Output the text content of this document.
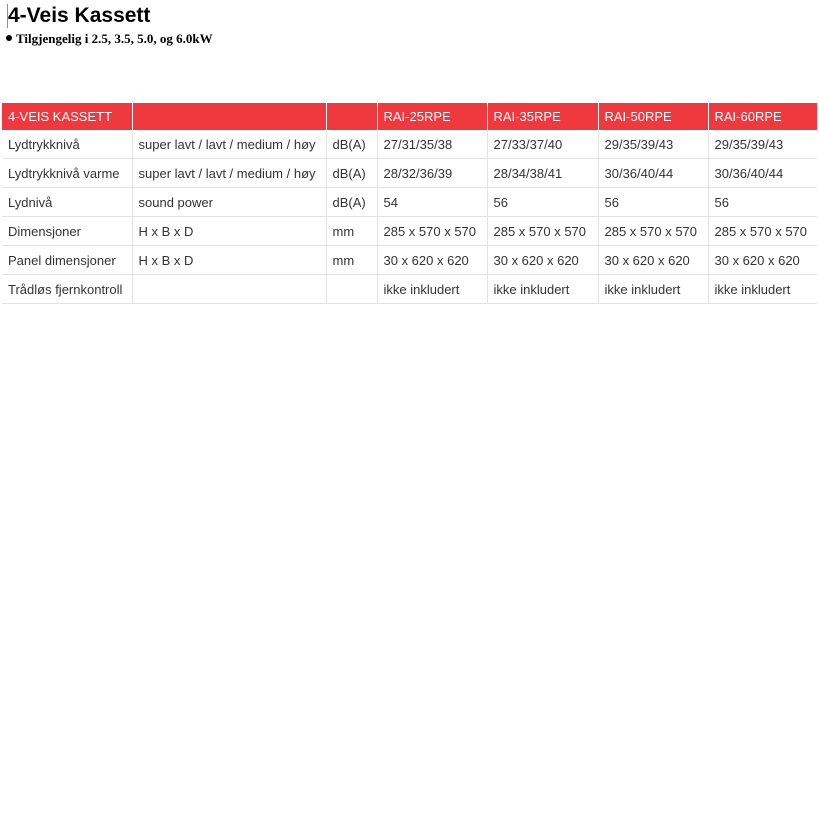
4-Veis Kassett
Tilgjengelig i 2.5, 3.5, 5.0, og 6.0kW
4-VEIS KASSETT			RAI-25RPE	RAI-35RPE	RAI-50RPE	RAI-60RPE
Lydtrykknivå	super lavt / lavt / medium / høy	dB(A)	27/31/35/38	27/33/37/40	29/35/39/43	29/35/39/43
Lydtrykknivå varme	super lavt / lavt / medium / høy	dB(A)	28/32/36/39	28/34/38/41	30/36/40/44	30/36/40/44
Lydnivå	sound power	dB(A)	54	56	56	56
Dimensjoner	H x B x D	mm	285 x 570 x 570	285 x 570 x 570	285 x 570 x 570	285 x 570 x 570
Panel dimensjoner	H x B x D	mm	30 x 620 x 620	30 x 620 x 620	30 x 620 x 620	30 x 620 x 620
Trådløs fjernkontroll			ikke inkludert	ikke inkludert	ikke inkludert	ikke inkludert
